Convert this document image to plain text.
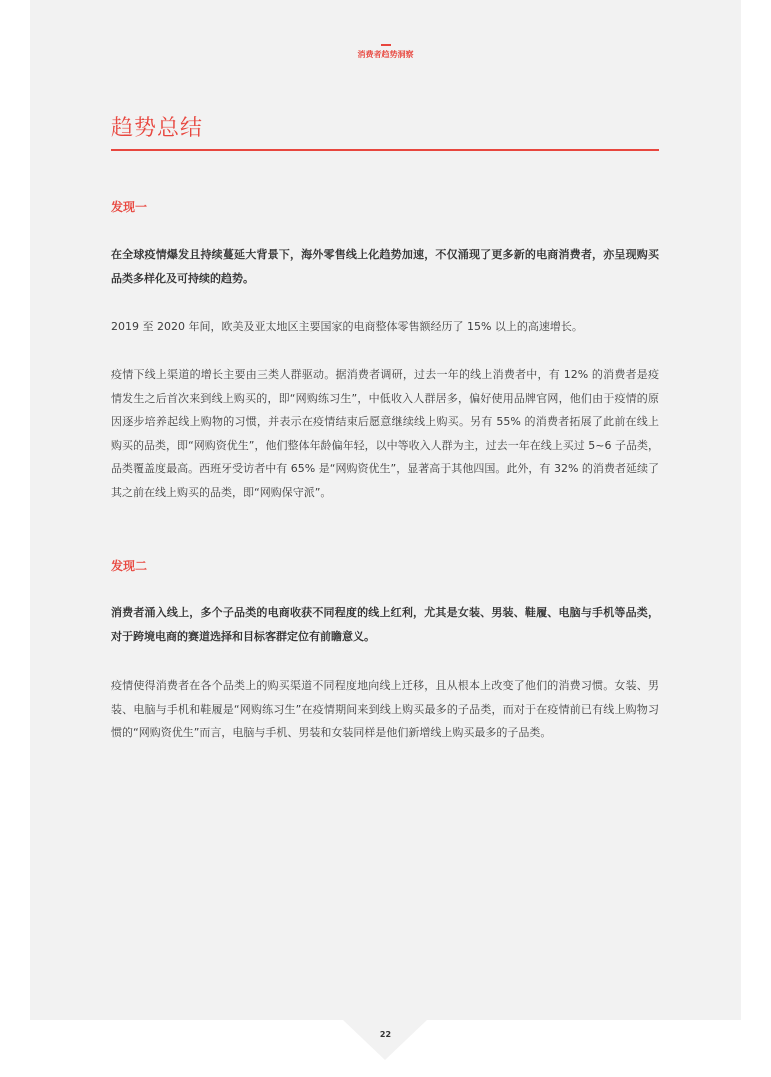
消费者趋势洞察
趋势总结
发现一

在全球疫情爆发且持续蔓延大背景下，海外零售线上化趋势加速，不仅涌现了更多新的电商消费者，亦呈现购买品类多样化及可持续的趋势。

2019 至 2020 年间，欧美及亚太地区主要国家的电商整体零售额经历了 15% 以上的高速增长。

疫情下线上渠道的增长主要由三类人群驱动。据消费者调研，过去一年的线上消费者中，有 12% 的消费者是疫情发生之后首次来到线上购买的，即“网购练习生”，中低收入人群居多，偏好使用品牌官网，他们由于疫情的原因逐步培养起线上购物的习惯，并表示在疫情结束后愿意继续线上购买。另有 55% 的消费者拓展了此前在线上购买的品类，即“网购资优生”，他们整体年龄偏年轻，以中等收入人群为主，过去一年在线上买过 5~6 子品类，品类覆盖度最高。西班牙受访者中有 65% 是“网购资优生”，显著高于其他四国。此外，有 32% 的消费者延续了其之前在线上购买的品类，即“网购保守派”。

发现二

消费者涌入线上，多个子品类的电商收获不同程度的线上红利，尤其是女装、男装、鞋履、电脑与手机等品类，对于跨境电商的赛道选择和目标客群定位有前瞻意义。

疫情使得消费者在各个品类上的购买渠道不同程度地向线上迁移，且从根本上改变了他们的消费习惯。女装、男装、电脑与手机和鞋履是“网购练习生”在疫情期间来到线上购买最多的子品类，而对于在疫情前已有线上购物习惯的“网购资优生”而言，电脑与手机、男装和女装同样是他们新增线上购买最多的子品类。

22
